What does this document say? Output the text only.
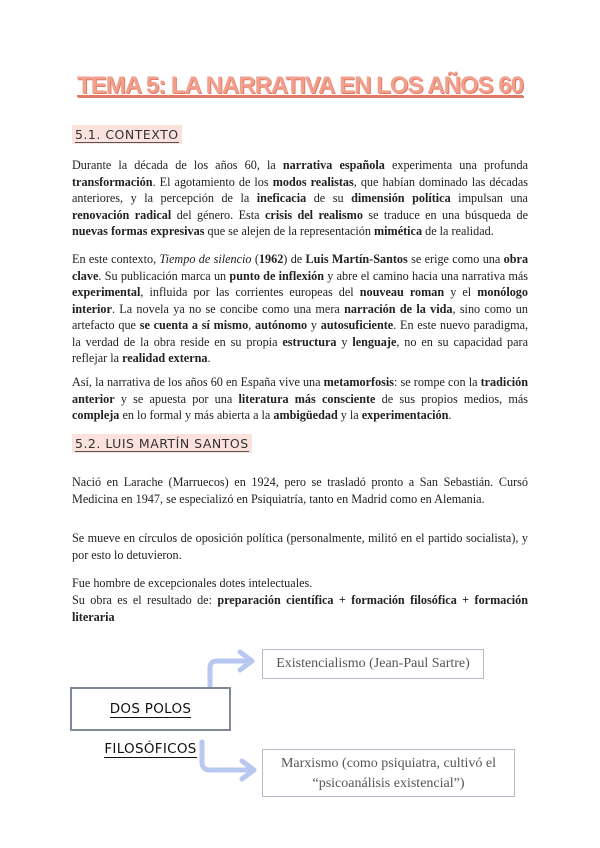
TEMA 5: LA NARRATIVA EN LOS AÑOS 60
5.1. CONTEXTO
Durante la década de los años 60, la narrativa española experimenta una profunda transformación. El agotamiento de los modos realistas, que habían dominado las décadas anteriores, y la percepción de la ineficacia de su dimensión política impulsan una renovación radical del género. Esta crisis del realismo se traduce en una búsqueda de nuevas formas expresivas que se alejen de la representación mimética de la realidad.
En este contexto, Tiempo de silencio (1962) de Luis Martín-Santos se erige como una obra clave. Su publicación marca un punto de inflexión y abre el camino hacia una narrativa más experimental, influida por las corrientes europeas del nouveau roman y el monólogo interior. La novela ya no se concibe como una mera narración de la vida, sino como un artefacto que se cuenta a sí mismo, autónomo y autosuficiente. En este nuevo paradigma, la verdad de la obra reside en su propia estructura y lenguaje, no en su capacidad para reflejar la realidad externa.
Así, la narrativa de los años 60 en España vive una metamorfosis: se rompe con la tradición anterior y se apuesta por una literatura más consciente de sus propios medios, más compleja en lo formal y más abierta a la ambigüedad y la experimentación.
5.2. LUIS MARTÍN SANTOS
Nació en Larache (Marruecos) en 1924, pero se trasladó pronto a San Sebastián. Cursó Medicina en 1947, se especializó en Psiquiatría, tanto en Madrid como en Alemania.
Se mueve en círculos de oposición política (personalmente, militó en el partido socialista), y por esto lo detuvieron.
Fue hombre de excepcionales dotes intelectuales.
Su obra es el resultado de: preparación científica + formación filosófica + formación literaria
Existencialismo (Jean-Paul Sartre)
DOS POLOS FILOSÓFICOS
Marxismo (como psiquiatra, cultivó el
“psicoanálisis existencial”)
